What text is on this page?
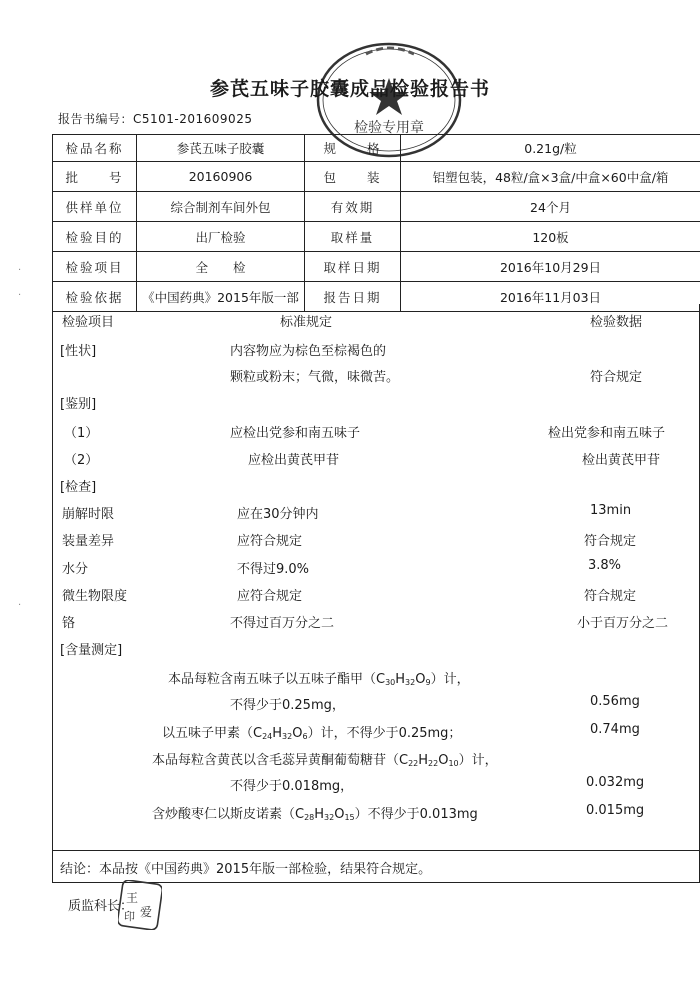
检验专用章
参芪五味子胶囊成品检验报告书
报告书编号：C5101-201609025
检品名称	参芪五味子胶囊	规　　格	0.21g/粒
批　　号	20160906	包　　装	铝塑包装，48粒/盒×3盒/中盒×60中盒/箱
供样单位	综合制剂车间外包	有效期	24个月
检验目的	出厂检验	取样量	120板
检验项目	全　　检	取样日期	2016年10月29日
检验依据	《中国药典》2015年版一部	报告日期	2016年11月03日
检验项目	标准规定	检验数据
[性状]	内容物应为棕色至棕褐色的
颗粒或粉末；气微，味微苦。	符合规定
[鉴别]
（1）	应检出党参和南五味子	检出党参和南五味子
（2）	应检出黄芪甲苷	检出黄芪甲苷
[检查]
崩解时限	应在30分钟内	13min
装量差异	应符合规定	符合规定
水分	不得过9.0%	3.8%
微生物限度	应符合规定	符合规定
铬	不得过百万分之二	小于百万分之二
[含量测定]
本品每粒含南五味子以五味子酯甲$(C_{30}H_{32}O_9)$计，
不得少于0.25mg，	0.56mg
以五味子甲素$(C_{24}H_{32}O_6)$计，不得少于0.25mg；	0.74mg
本品每粒含黄芪以含毛蕊异黄酮葡萄糖苷$(C_{22}H_{22}O_{10})$计，
不得少于0.018mg，	0.032mg
含炒酸枣仁以斯皮诺素$(C_{28}H_{32}O_{15})$不得少于0.013mg	0.015mg
结论：本品按《中国药典》2015年版一部检验，结果符合规定。
质监科长：
王
爱
印
·
·
·
